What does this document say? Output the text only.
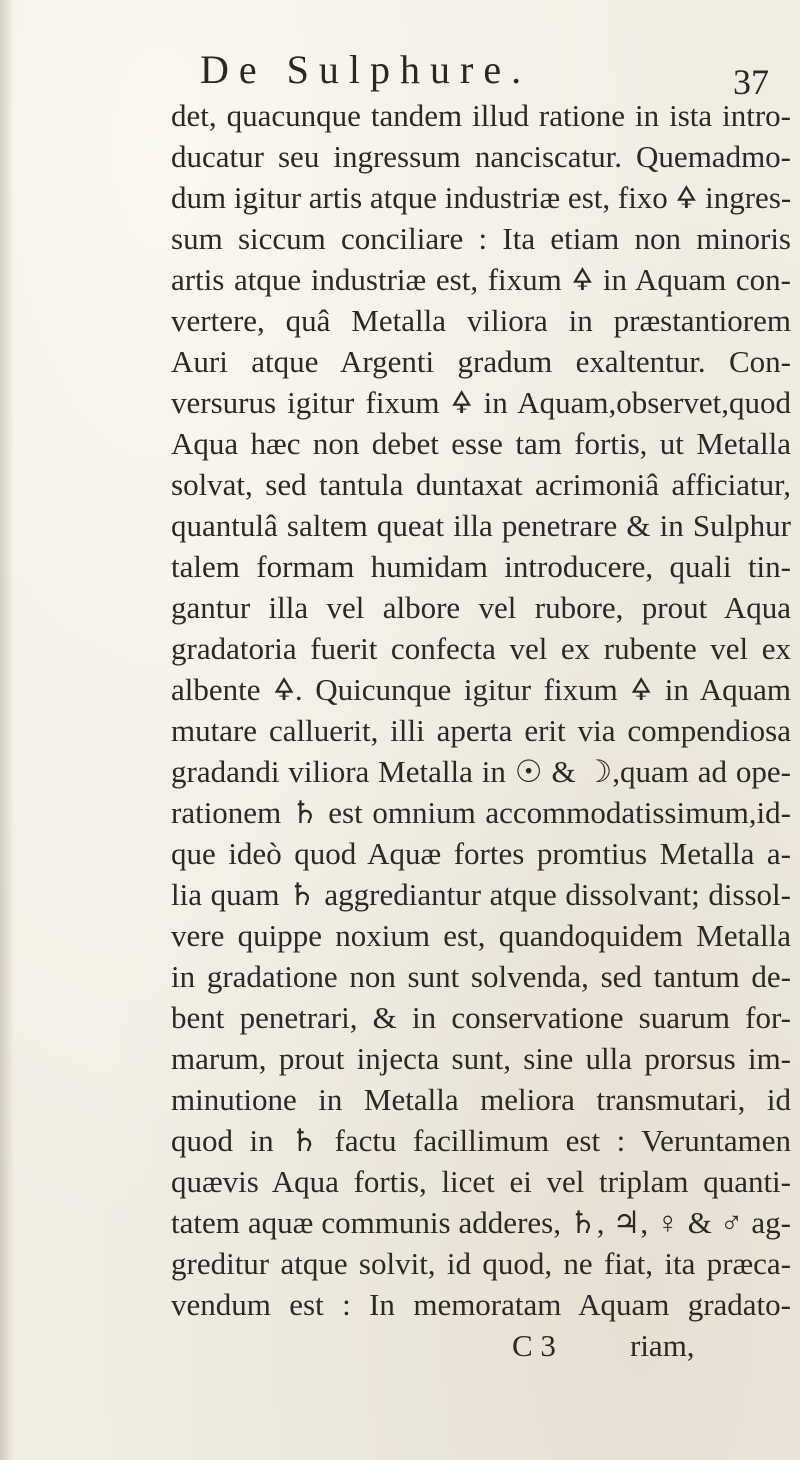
De Sulphure.	37
det, quacunque tandem illud ratione in ista intro-
ducatur seu ingressum nanciscatur. Quemadmo-
dum igitur artis atque industriæ est, fixo 🜍 ingres-
sum siccum conciliare : Ita etiam non minoris
artis atque industriæ est, fixum 🜍 in Aquam con-
vertere, quâ Metalla viliora in præstantiorem
Auri atque Argenti gradum exaltentur. Con-
versurus igitur fixum 🜍 in Aquam,observet,quod
Aqua hæc non debet esse tam fortis, ut Metalla
solvat, sed tantula duntaxat acrimoniâ afficiatur,
quantulâ saltem queat illa penetrare & in Sulphur
talem formam humidam introducere, quali tin-
gantur illa vel albore vel rubore, prout Aqua
gradatoria fuerit confecta vel ex rubente vel ex
albente 🜍. Quicunque igitur fixum 🜍 in Aquam
mutare calluerit, illi aperta erit via compendiosa
gradandi viliora Metalla in ☉ & ☽,quam ad ope-
rationem ♄ est omnium accommodatissimum,id-
que ideò quod Aquæ fortes promtius Metalla a-
lia quam ♄ aggrediantur atque dissolvant; dissol-
vere quippe noxium est, quandoquidem Metalla
in gradatione non sunt solvenda, sed tantum de-
bent penetrari, & in conservatione suarum for-
marum, prout injecta sunt, sine ulla prorsus im-
minutione in Metalla meliora transmutari, id
quod in ♄ factu facillimum est : Veruntamen
quævis Aqua fortis, licet ei vel triplam quanti-
tatem aquæ communis adderes, ♄, ♃, ♀ & ♂ ag-
greditur atque solvit, id quod, ne fiat, ita præca-
vendum est : In memoratam Aquam gradato-
C 3	riam,
